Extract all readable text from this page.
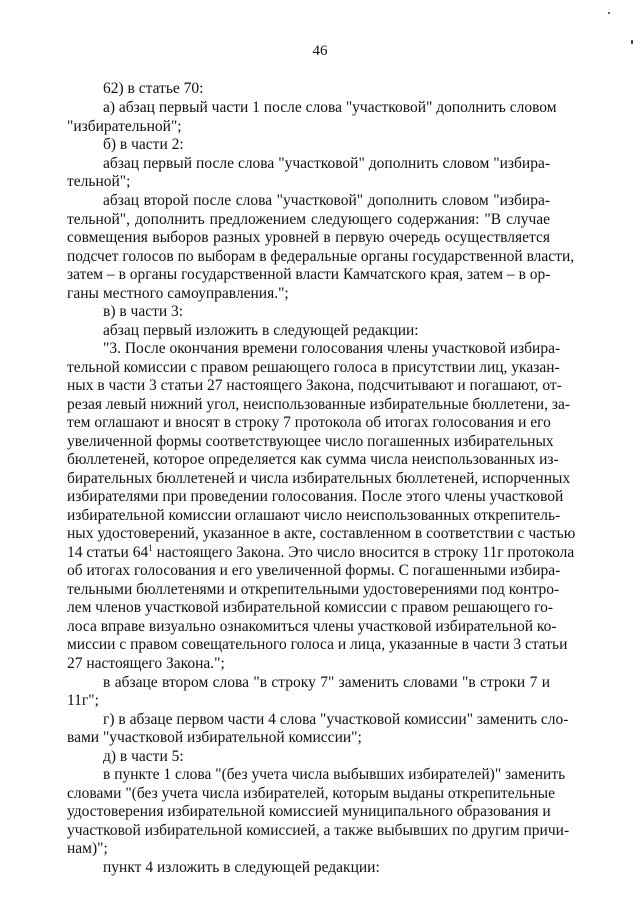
46
62) в статье 70:
а) абзац первый части 1 после слова "участковой" дополнить словом
"избирательной";
б) в части 2:
абзац первый после слова "участковой" дополнить словом "избира-
тельной";
абзац второй после слова "участковой" дополнить словом "избира-
тельной", дополнить предложением следующего содержания: "В случае
совмещения выборов разных уровней в первую очередь осуществляется
подсчет голосов по выборам в федеральные органы государственной власти,
затем – в органы государственной власти Камчатского края, затем – в ор-
ганы местного самоуправления.";
в) в части 3:
абзац первый изложить в следующей редакции:
"3. После окончания времени голосования члены участковой избира-
тельной комиссии с правом решающего голоса в присутствии лиц, указан-
ных в части 3 статьи 27 настоящего Закона, подсчитывают и погашают, от-
резая левый нижний угол, неиспользованные избирательные бюллетени, за-
тем оглашают и вносят в строку 7 протокола об итогах голосования и его
увеличенной формы соответствующее число погашенных избирательных
бюллетеней, которое определяется как сумма числа неиспользованных из-
бирательных бюллетеней и числа избирательных бюллетеней, испорченных
избирателями при проведении голосования. После этого члены участковой
избирательной комиссии оглашают число неиспользованных открепитель-
ных удостоверений, указанное в акте, составленном в соответствии с частью
14 статьи $64^1$ настоящего Закона. Это число вносится в строку 11г протокола
об итогах голосования и его увеличенной формы. С погашенными избира-
тельными бюллетенями и открепительными удостоверениями под контро-
лем членов участковой избирательной комиссии с правом решающего го-
лоса вправе визуально ознакомиться члены участковой избирательной ко-
миссии с правом совещательного голоса и лица, указанные в части 3 статьи
27 настоящего Закона.";
в абзаце втором слова "в строку 7" заменить словами "в строки 7 и
11г";
г) в абзаце первом части 4 слова "участковой комиссии" заменить сло-
вами "участковой избирательной комиссии";
д) в части 5:
в пункте 1 слова "(без учета числа выбывших избирателей)" заменить
словами "(без учета числа избирателей, которым выданы открепительные
удостоверения избирательной комиссией муниципального образования и
участковой избирательной комиссией, а также выбывших по другим причи-
нам)";
пункт 4 изложить в следующей редакции:
